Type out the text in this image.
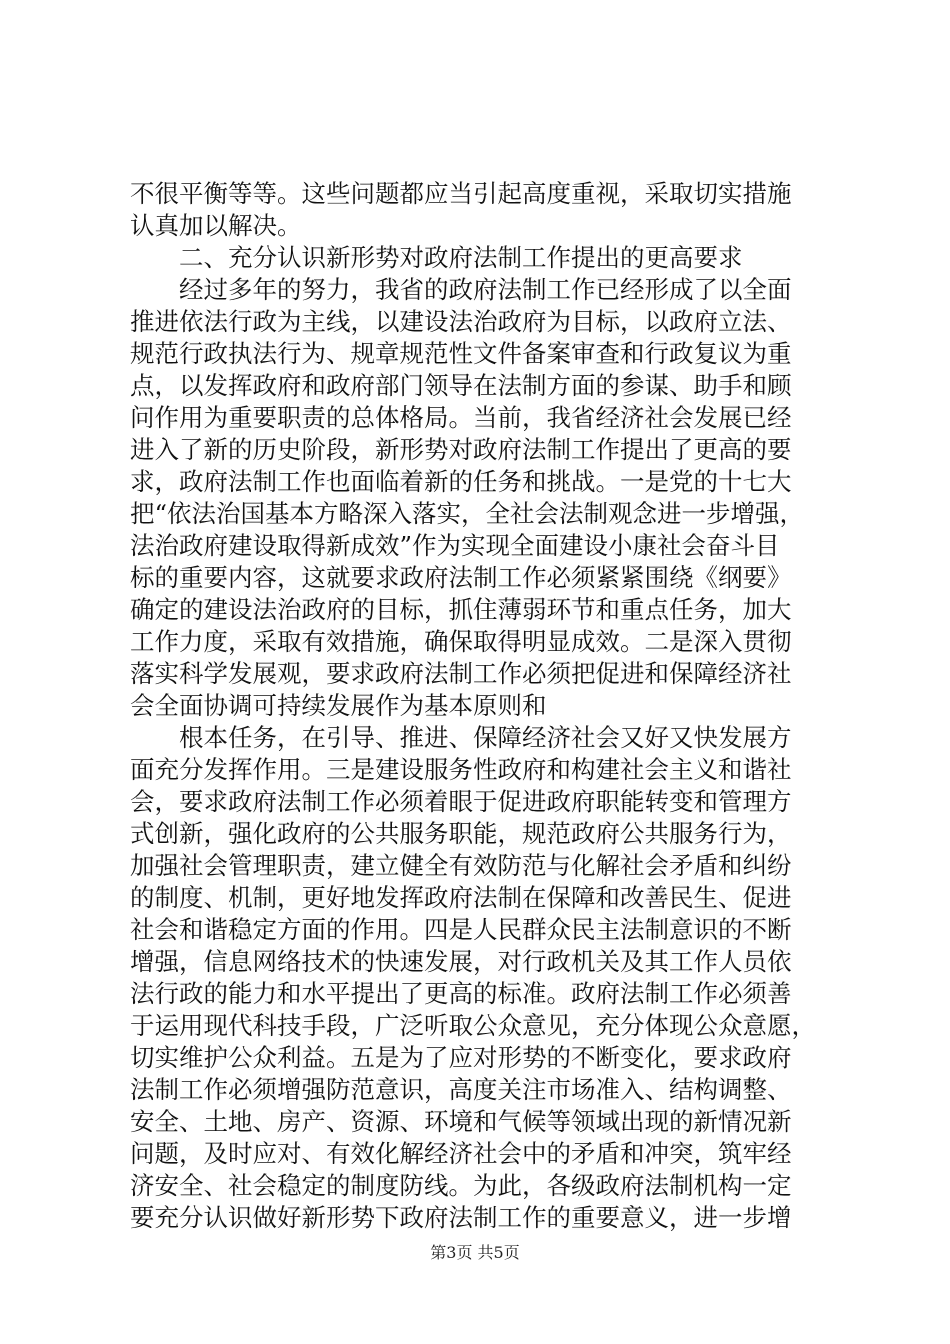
不很平衡等等。这些问题都应当引起高度重视，采取切实措施
认真加以解决。
二、充分认识新形势对政府法制工作提出的更高要求
经过多年的努力，我省的政府法制工作已经形成了以全面
推进依法行政为主线，以建设法治政府为目标，以政府立法、
规范行政执法行为、规章规范性文件备案审查和行政复议为重
点，以发挥政府和政府部门领导在法制方面的参谋、助手和顾
问作用为重要职责的总体格局。当前，我省经济社会发展已经
进入了新的历史阶段，新形势对政府法制工作提出了更高的要
求，政府法制工作也面临着新的任务和挑战。一是党的十七大
把“依法治国基本方略深入落实，全社会法制观念进一步增强，
法治政府建设取得新成效”作为实现全面建设小康社会奋斗目
标的重要内容，这就要求政府法制工作必须紧紧围绕《纲要》
确定的建设法治政府的目标，抓住薄弱环节和重点任务，加大
工作力度，采取有效措施，确保取得明显成效。二是深入贯彻
落实科学发展观，要求政府法制工作必须把促进和保障经济社
会全面协调可持续发展作为基本原则和
根本任务，在引导、推进、保障经济社会又好又快发展方
面充分发挥作用。三是建设服务性政府和构建社会主义和谐社
会，要求政府法制工作必须着眼于促进政府职能转变和管理方
式创新，强化政府的公共服务职能，规范政府公共服务行为，
加强社会管理职责，建立健全有效防范与化解社会矛盾和纠纷
的制度、机制，更好地发挥政府法制在保障和改善民生、促进
社会和谐稳定方面的作用。四是人民群众民主法制意识的不断
增强，信息网络技术的快速发展，对行政机关及其工作人员依
法行政的能力和水平提出了更高的标准。政府法制工作必须善
于运用现代科技手段，广泛听取公众意见，充分体现公众意愿，
切实维护公众利益。五是为了应对形势的不断变化，要求政府
法制工作必须增强防范意识，高度关注市场准入、结构调整、
安全、土地、房产、资源、环境和气候等领域出现的新情况新
问题，及时应对、有效化解经济社会中的矛盾和冲突，筑牢经
济安全、社会稳定的制度防线。为此，各级政府法制机构一定
要充分认识做好新形势下政府法制工作的重要意义，进一步增
第3页 共5页
